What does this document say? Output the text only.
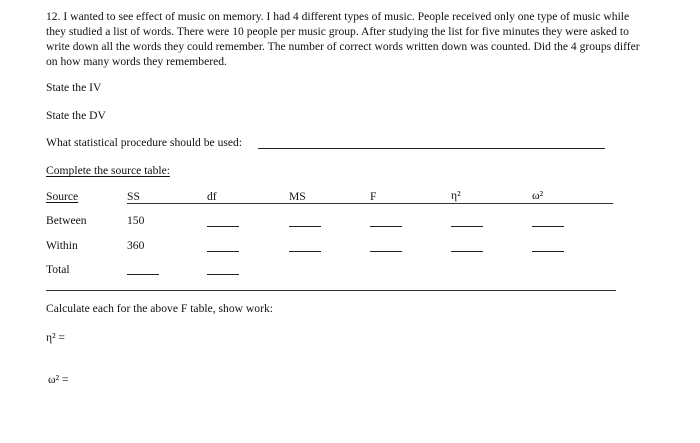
12. I wanted to see effect of music on memory. I had 4 different types of music. People received only one type of music while they studied a list of words. There were 10 people per music group. After studying the list for five minutes they were asked to write down all the words they could remember. The number of correct words written down was counted. Did the 4 groups differ on how many words they remembered.
State the IV
State the DV
What statistical procedure should be used:
Complete the source table:
Source	SS	df	MS	F	η²	ω²
Between	150
Within	360
Total
Calculate each for the above F table, show work:
η² =
ω² =
